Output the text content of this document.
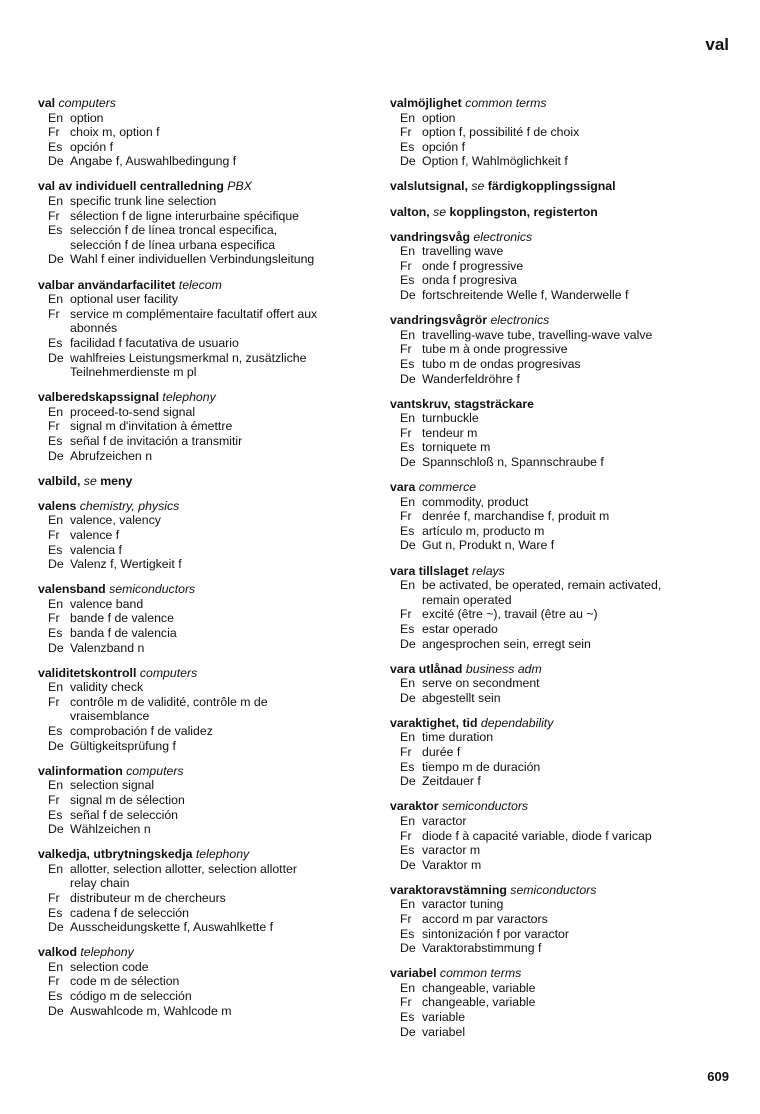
val
val computers
En option
Fr choix m, option f
Es opción f
De Angabe f, Auswahlbedingung f
val av individuell centralledning PBX
En specific trunk line selection
Fr sélection f de ligne interurbaine spécifique
Es selección f de línea troncal especifica,
selección f de línea urbana especifica
De Wahl f einer individuellen Verbindungsleitung
valbar användarfacilitet telecom
En optional user facility
Fr service m complémentaire facultatif offert aux
abonnés
Es facilidad f facutativa de usuario
De wahlfreies Leistungsmerkmal n, zusätzliche
Teilnehmerdienste m pl
valberedskapssignal telephony
En proceed-to-send signal
Fr signal m d'invitation à émettre
Es señal f de invitación a transmitir
De Abrufzeichen n
valbild, se meny
valens chemistry, physics
En valence, valency
Fr valence f
Es valencia f
De Valenz f, Wertigkeit f
valensband semiconductors
En valence band
Fr bande f de valence
Es banda f de valencia
De Valenzband n
validitetskontroll computers
En validity check
Fr contrôle m de validité, contrôle m de
vraisemblance
Es comprobación f de validez
De Gültigkeitsprüfung f
valinformation computers
En selection signal
Fr signal m de sélection
Es señal f de selección
De Wählzeichen n
valkedja, utbrytningskedja telephony
En allotter, selection allotter, selection allotter
relay chain
Fr distributeur m de chercheurs
Es cadena f de selección
De Ausscheidungskette f, Auswahlkette f
valkod telephony
En selection code
Fr code m de sélection
Es código m de selección
De Auswahlcode m, Wahlcode m
valmöjlighet common terms
En option
Fr option f, possibilité f de choix
Es opción f
De Option f, Wahlmöglichkeit f
valslutsignal, se färdigkopplingssignal
valton, se kopplingston, registerton
vandringsvåg electronics
En travelling wave
Fr onde f progressive
Es onda f progresiva
De fortschreitende Welle f, Wanderwelle f
vandringsvågrör electronics
En travelling-wave tube, travelling-wave valve
Fr tube m à onde progressive
Es tubo m de ondas progresivas
De Wanderfeldröhre f
vantskruv, stagsträckare
En turnbuckle
Fr tendeur m
Es torniquete m
De Spannschloß n, Spannschraube f
vara commerce
En commodity, product
Fr denrée f, marchandise f, produit m
Es artículo m, producto m
De Gut n, Produkt n, Ware f
vara tillslaget relays
En be activated, be operated, remain activated,
remain operated
Fr excité (être ~), travail (être au ~)
Es estar operado
De angesprochen sein, erregt sein
vara utlånad business adm
En serve on secondment
De abgestellt sein
varaktighet, tid dependability
En time duration
Fr durée f
Es tiempo m de duración
De Zeitdauer f
varaktor semiconductors
En varactor
Fr diode f à capacité variable, diode f varicap
Es varactor m
De Varaktor m
varaktoravstämning semiconductors
En varactor tuning
Fr accord m par varactors
Es sintonización f por varactor
De Varaktorabstimmung f
variabel common terms
En changeable, variable
Fr changeable, variable
Es variable
De variabel
609
